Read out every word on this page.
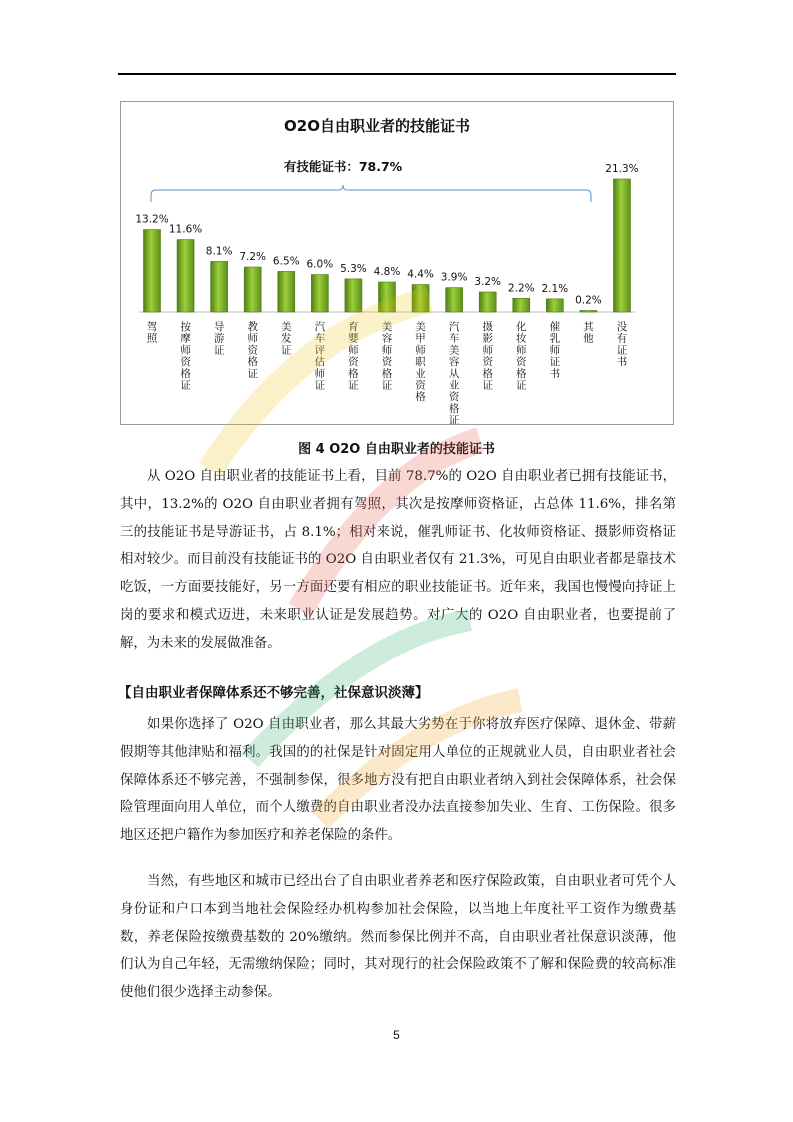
O2O自由职业者的技能证书
有技能证书：78.7%
13.2%
驾照
11.6%
按摩师资格证
8.1%
导游证
7.2%
教师资格证
6.5%
美发证
6.0%
汽车评估师证
5.3%
育婴师资格证
4.8%
美容师资格证
4.4%
美甲师职业资格
3.9%
汽车美容从业资格证
3.2%
摄影师资格证
2.2%
化妆师资格证
2.1%
催乳师证书
0.2%
其他
21.3%
没有证书
图 4 O2O 自由职业者的技能证书

从 O2O 自由职业者的技能证书上看，目前 78.7%的 O2O 自由职业者已拥有技能证书，其中，13.2%的 O2O 自由职业者拥有驾照，其次是按摩师资格证，占总体 11.6%，排名第三的技能证书是导游证书，占 8.1%；相对来说，催乳师证书、化妆师资格证、摄影师资格证相对较少。而目前没有技能证书的 O2O 自由职业者仅有 21.3%，可见自由职业者都是靠技术吃饭，一方面要技能好，另一方面还要有相应的职业技能证书。近年来，我国也慢慢向持证上岗的要求和模式迈进，未来职业认证是发展趋势。对广大的 O2O 自由职业者，也要提前了解，为未来的发展做准备。

【自由职业者保障体系还不够完善，社保意识淡薄】

如果你选择了 O2O 自由职业者，那么其最大劣势在于你将放弃医疗保障、退休金、带薪假期等其他津贴和福利。我国的的社保是针对固定用人单位的正规就业人员，自由职业者社会保障体系还不够完善，不强制参保，很多地方没有把自由职业者纳入到社会保障体系，社会保险管理面向用人单位，而个人缴费的自由职业者没办法直接参加失业、生育、工伤保险。很多地区还把户籍作为参加医疗和养老保险的条件。

当然，有些地区和城市已经出台了自由职业者养老和医疗保险政策，自由职业者可凭个人身份证和户口本到当地社会保险经办机构参加社会保险，以当地上年度社平工资作为缴费基数，养老保险按缴费基数的 20%缴纳。然而参保比例并不高，自由职业者社保意识淡薄，他们认为自己年轻，无需缴纳保险；同时，其对现行的社会保险政策不了解和保险费的较高标准使他们很少选择主动参保。

5
